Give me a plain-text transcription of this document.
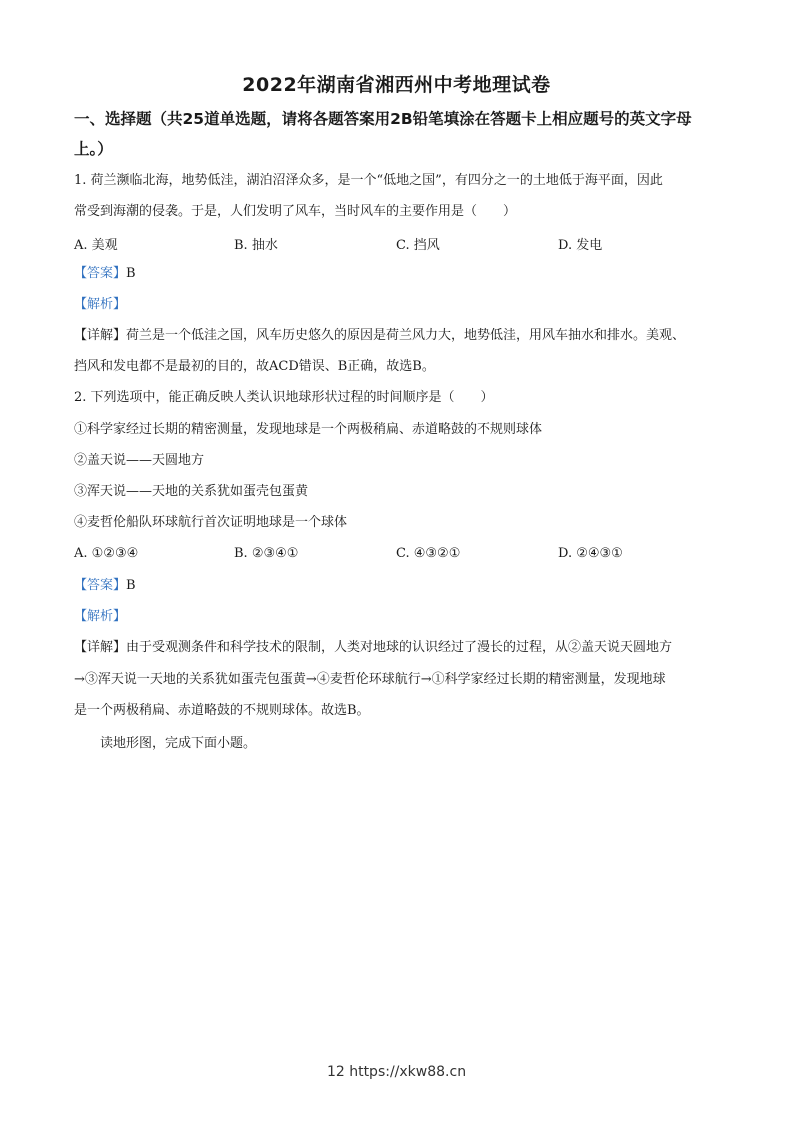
2022年湖南省湘西州中考地理试卷
一、选择题（共25道单选题，请将各题答案用2B铅笔填涂在答题卡上相应题号的英文字母
上。）
1. 荷兰濒临北海，地势低洼，湖泊沼泽众多，是一个“低地之国”，有四分之一的土地低于海平面，因此
常受到海潮的侵袭。于是，人们发明了风车，当时风车的主要作用是（　　）
A. 美观	B. 抽水	C. 挡风	D. 发电
【答案】B
【解析】
【详解】荷兰是一个低洼之国，风车历史悠久的原因是荷兰风力大，地势低洼，用风车抽水和排水。美观、
挡风和发电都不是最初的目的，故ACD错误、B正确，故选B。
2. 下列选项中，能正确反映人类认识地球形状过程的时间顺序是（　　）
①科学家经过长期的精密测量，发现地球是一个两极稍扁、赤道略鼓的不规则球体
②盖天说——天圆地方
③浑天说——天地的关系犹如蛋壳包蛋黄
④麦哲伦船队环球航行首次证明地球是一个球体
A. ①②③④	B. ②③④①	C. ④③②①	D. ②④③①
【答案】B
【解析】
【详解】由于受观测条件和科学技术的限制，人类对地球的认识经过了漫长的过程，从②盖天说天圆地方
→③浑天说一天地的关系犹如蛋壳包蛋黄→④麦哲伦环球航行→①科学家经过长期的精密测量，发现地球
是一个两极稍扁、赤道略鼓的不规则球体。故选B。
读地形图，完成下面小题。
12 https://xkw88.cn
